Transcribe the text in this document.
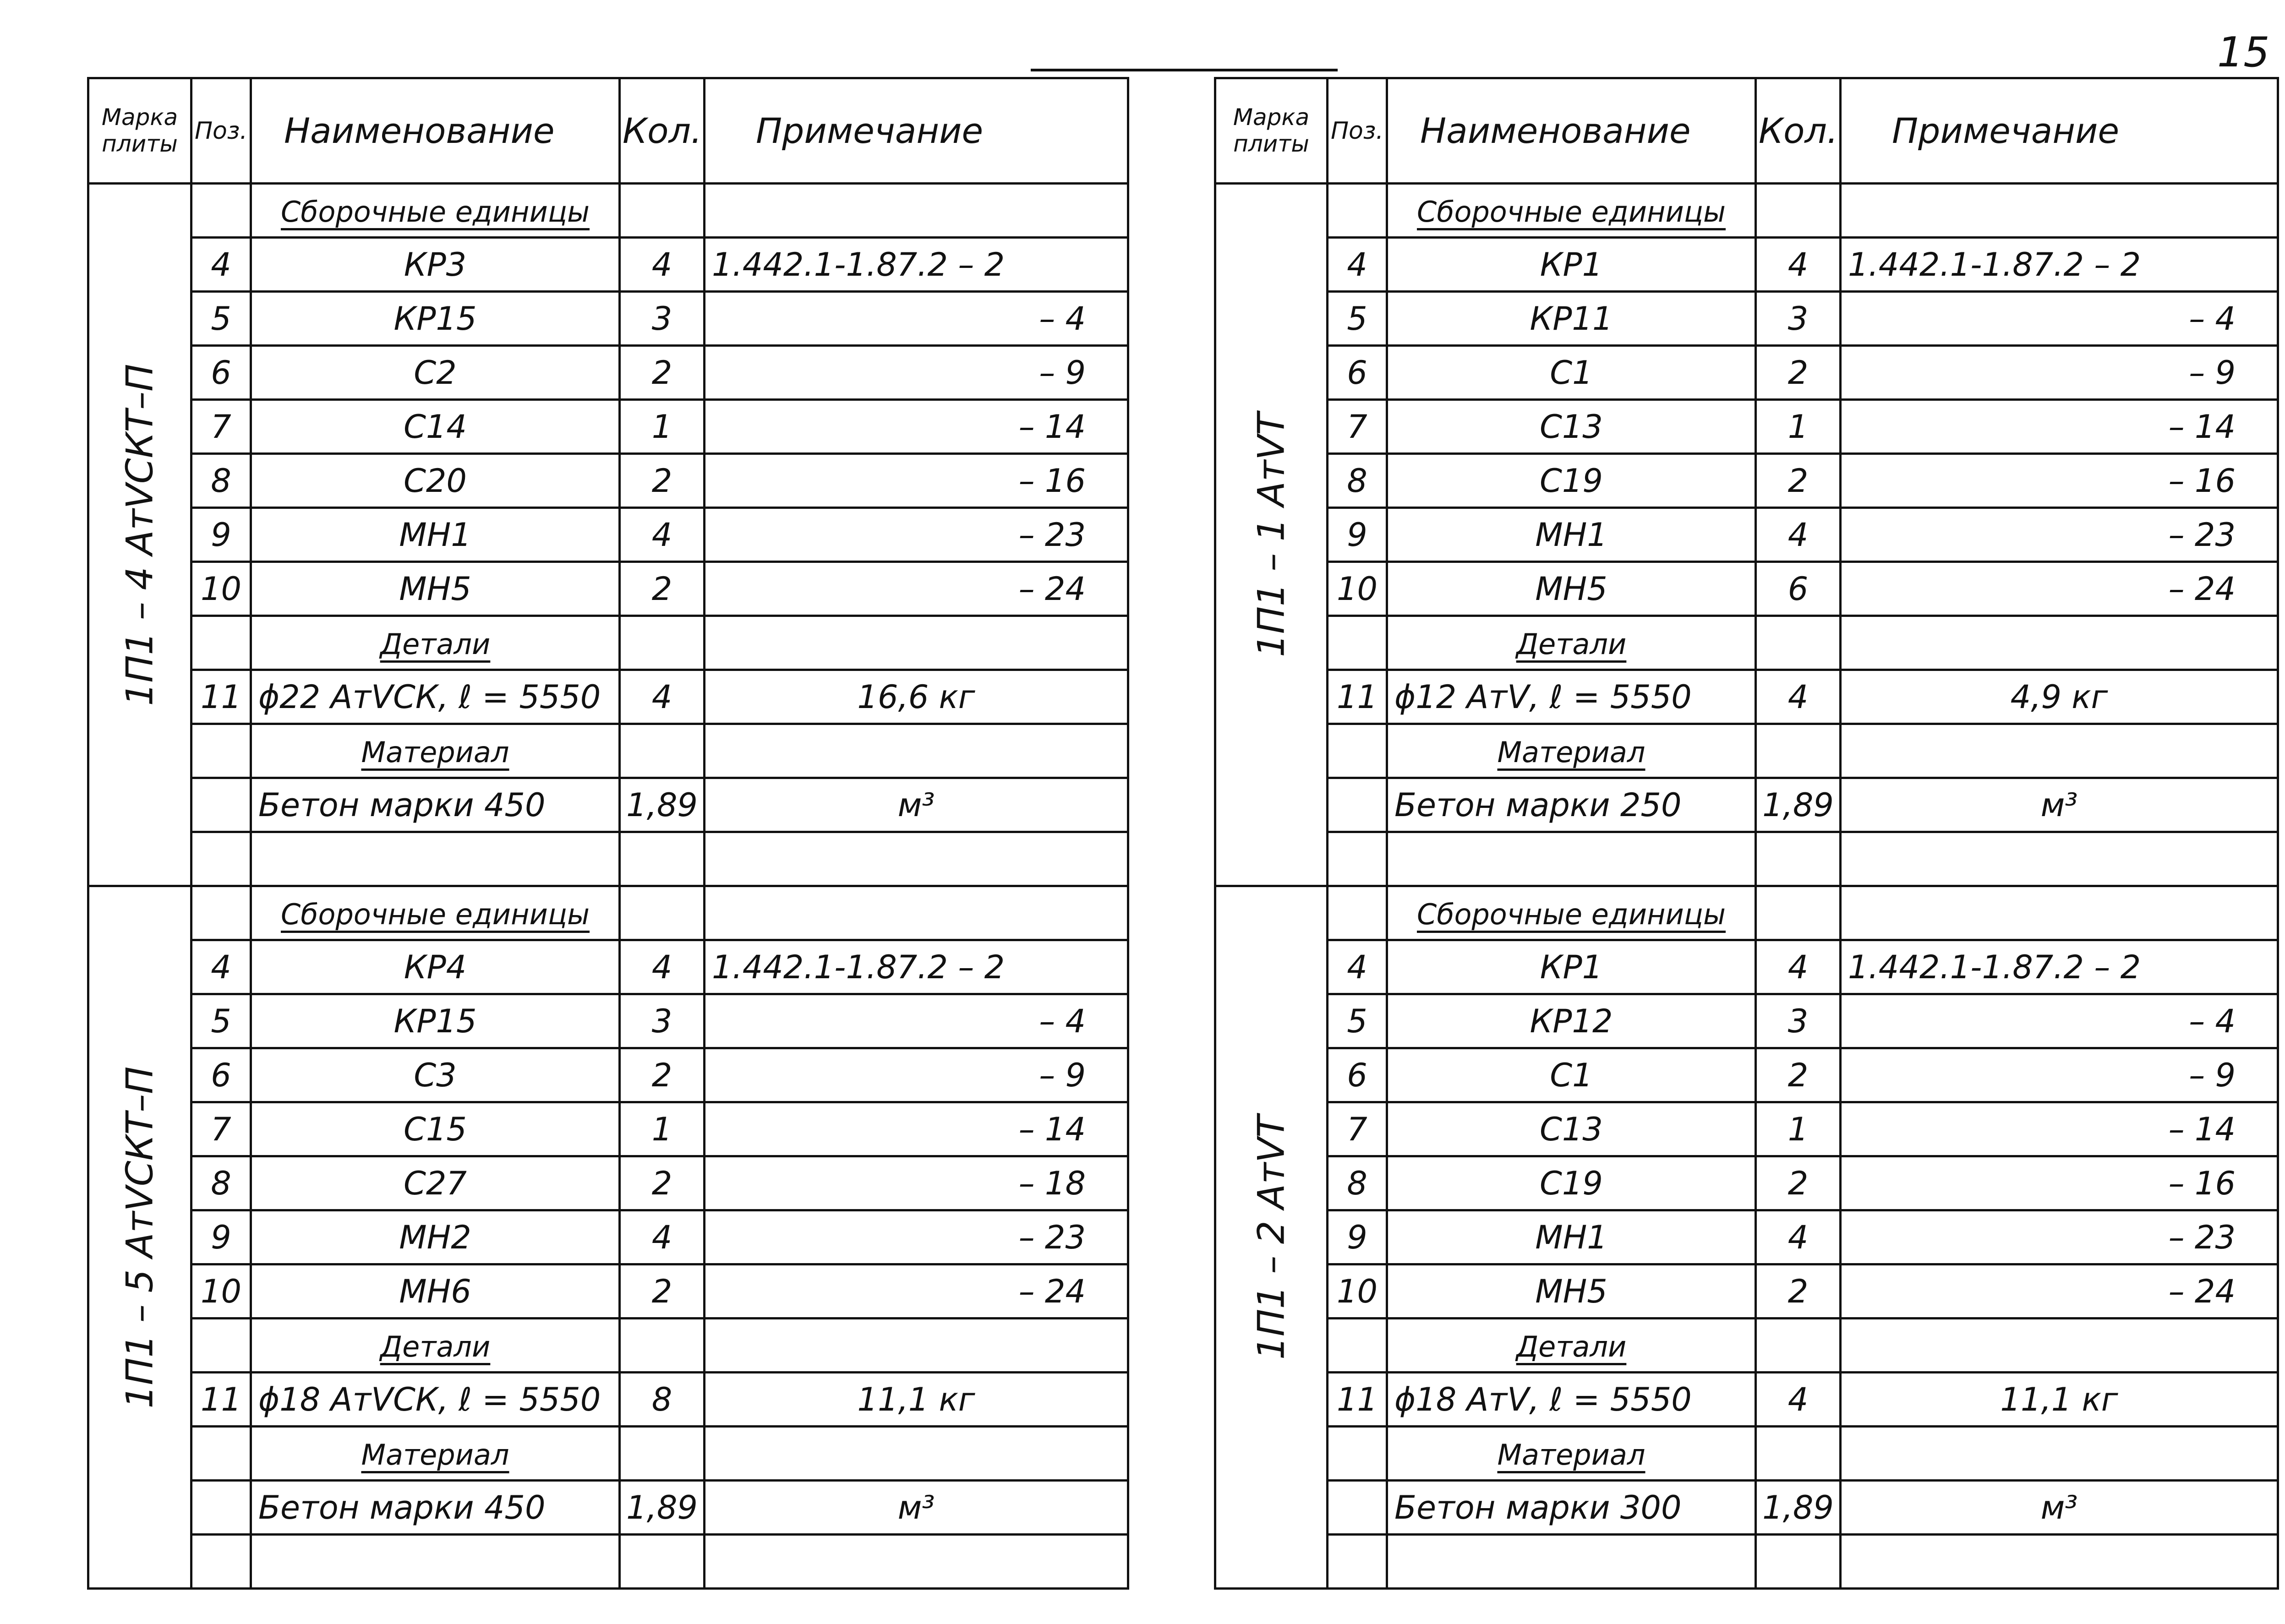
15
Марка плиты	Поз.	Наименование	Кол.	Примечание

1П1 – 4 АтⅤСКТ–П		Сборочные единицы		
	4	КР3	4	1.442.1-1.87.2 – 2
	5	КР15	3	– 4
	6	С2	2	– 9
	7	С14	1	– 14
	8	С20	2	– 16
	9	МН1	4	– 23
	10	МН5	2	– 24
		Детали		
	11	ϕ22 АтⅤСК, ℓ = 5550	4	16,6 кг
		Материал		
		Бетон марки 450	1,89	м³

1П1 – 5 АтⅤСКТ–П		Сборочные единицы		
	4	КР4	4	1.442.1-1.87.2 – 2
	5	КР15	3	– 4
	6	С3	2	– 9
	7	С15	1	– 14
	8	С27	2	– 18
	9	МН2	4	– 23
	10	МН6	2	– 24
		Детали		
	11	ϕ18 АтⅤСК, ℓ = 5550	8	11,1 кг
		Материал		
		Бетон марки 450	1,89	м³

Марка плиты	Поз.	Наименование	Кол.	Примечание

1П1 – 1 АтⅤТ		Сборочные единицы		
	4	КР1	4	1.442.1-1.87.2 – 2
	5	КР11	3	– 4
	6	С1	2	– 9
	7	С13	1	– 14
	8	С19	2	– 16
	9	МН1	4	– 23
	10	МН5	6	– 24
		Детали		
	11	ϕ12 АтⅤ, ℓ = 5550	4	4,9 кг
		Материал		
		Бетон марки 250	1,89	м³

1П1 – 2 АтⅤТ		Сборочные единицы		
	4	КР1	4	1.442.1-1.87.2 – 2
	5	КР12	3	– 4
	6	С1	2	– 9
	7	С13	1	– 14
	8	С19	2	– 16
	9	МН1	4	– 23
	10	МН5	2	– 24
		Детали		
	11	ϕ18 АтⅤ, ℓ = 5550	4	11,1 кг
		Материал		
		Бетон марки 300	1,89	м³
